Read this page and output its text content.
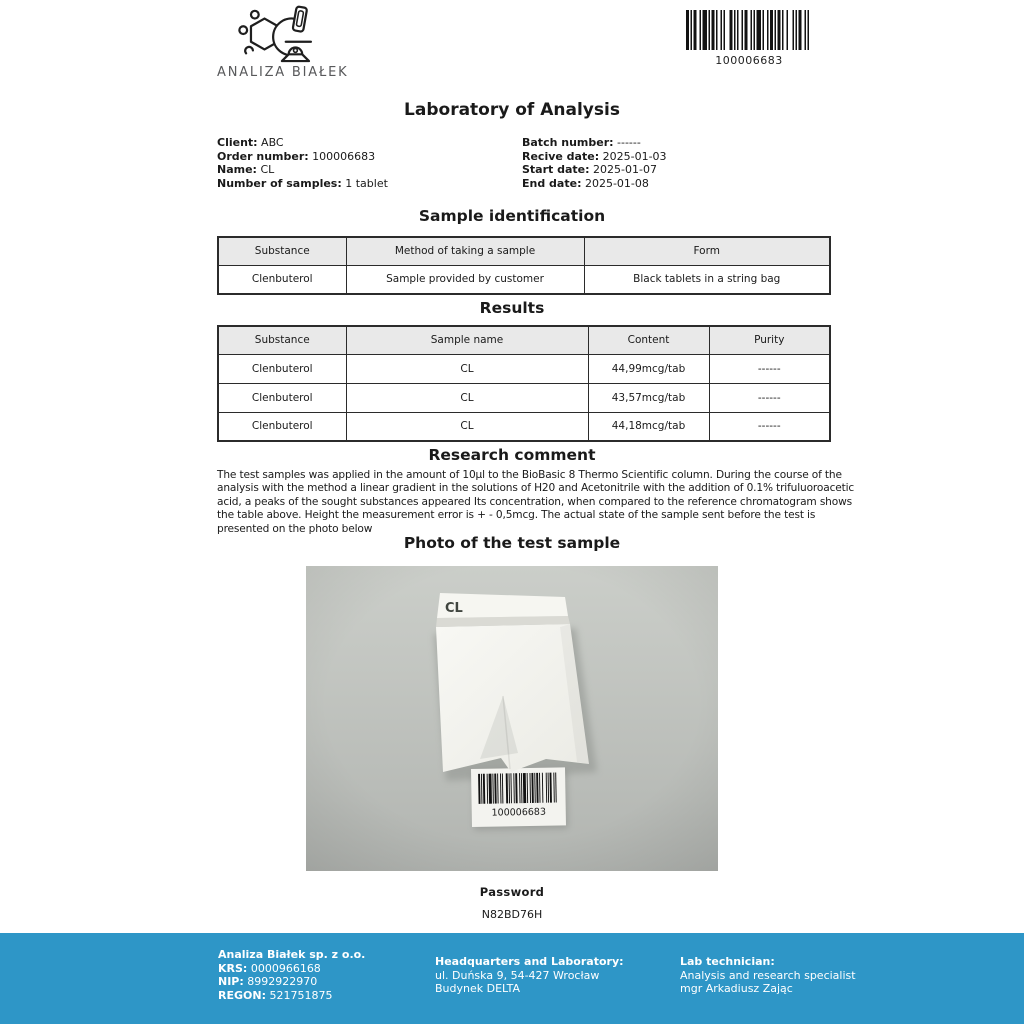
ANALIZA BIAŁEK
100006683
Laboratory of Analysis
Client: ABC
Order number: 100006683
Name: CL
Number of samples: 1 tablet
Batch number: ------
Recive date: 2025-01-03
Start date: 2025-01-07
End date: 2025-01-08
Sample identification
Substance	Method of taking a sample	Form
Clenbuterol	Sample provided by customer	Black tablets in a string bag
Results
Substance	Sample name	Content	Purity
Clenbuterol	CL	44,99mcg/tab	------
Clenbuterol	CL	43,57mcg/tab	------
Clenbuterol	CL	44,18mcg/tab	------
Research comment

The test samples was applied in the amount of 10μl to the BioBasic 8 Thermo Scientific column. During the course of the analysis with the method a linear gradient in the solutions of H20 and Acetonitrile with the addition of 0.1% trifuluoroacetic acid, a peaks of the sought substances appeared Its concentration, when compared to the reference chromatogram shows the table above. Height the measurement error is + - 0,5mcg. The actual state of the sample sent before the test is presented on the photo below

Photo of the test sample
100006683
CL
Password
N82BD76H
Analiza Białek sp. z o.o.
KRS: 0000966168
NIP: 8992922970
REGON: 521751875
Headquarters and Laboratory:
ul. Duńska 9, 54-427 Wrocław
Budynek DELTA
Lab technician:
Analysis and research specialist
mgr Arkadiusz Zając
